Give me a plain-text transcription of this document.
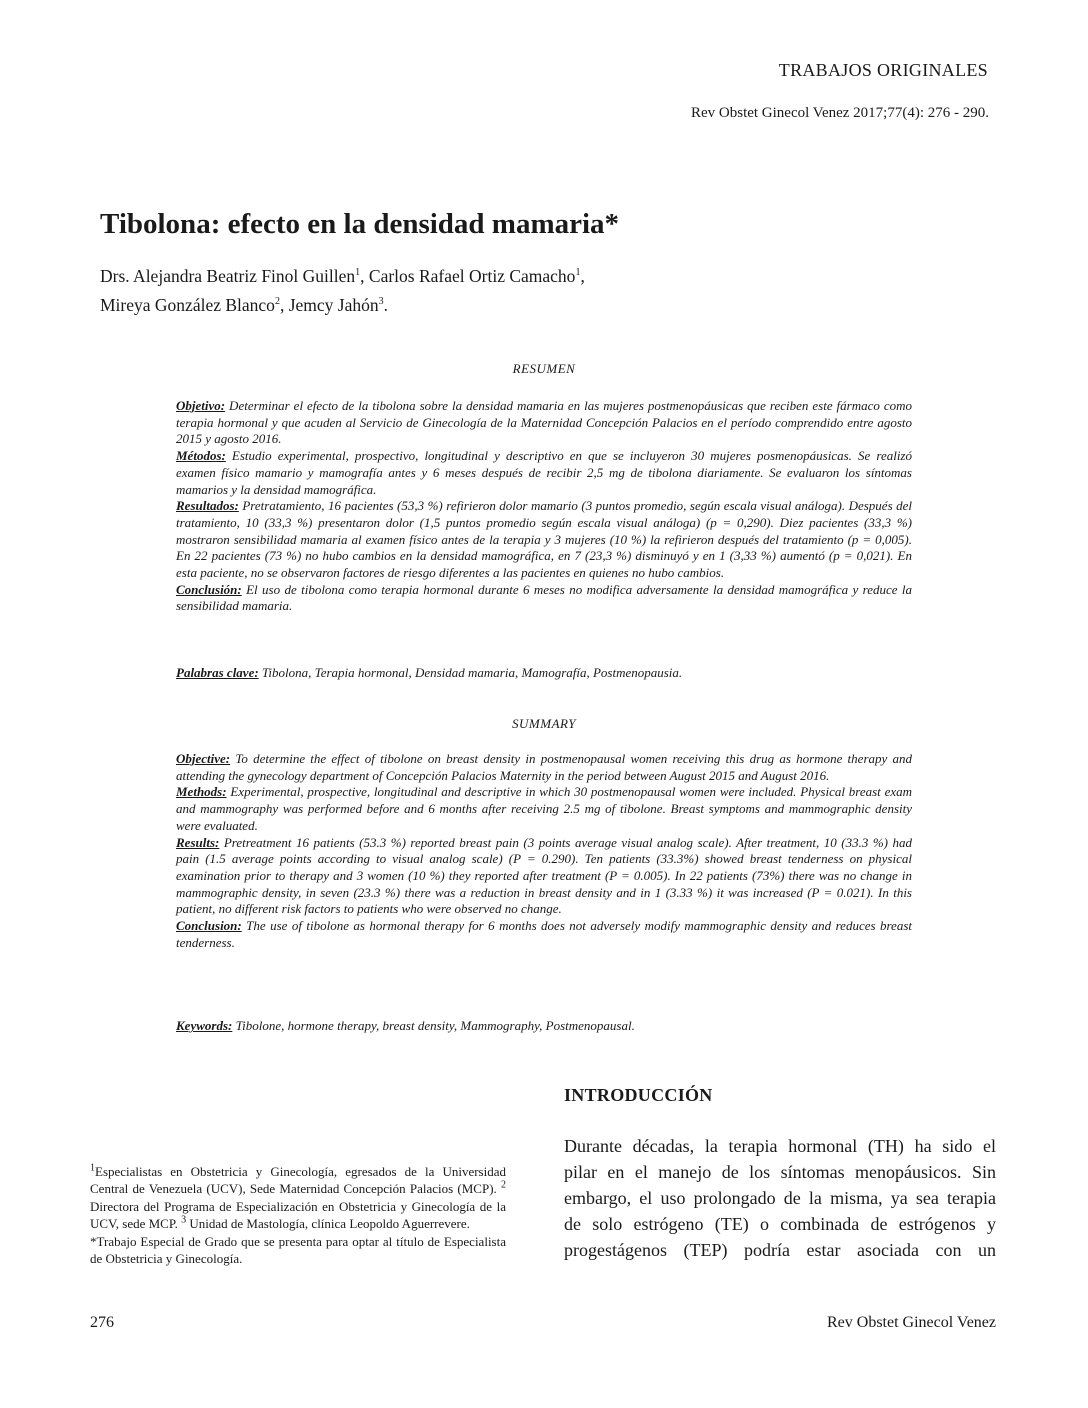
TRABAJOS ORIGINALES
Rev Obstet Ginecol Venez 2017;77(4): 276 - 290.
Tibolona: efecto en la densidad mamaria*
Drs. Alejandra Beatriz Finol Guillen$^1$, Carlos Rafael Ortiz Camacho$^1$,
Mireya González Blanco$^2$, Jemcy Jahón$^3$.
RESUMEN

Objetivo: Determinar el efecto de la tibolona sobre la densidad mamaria en las mujeres postmenopáusicas que reciben este fármaco como terapia hormonal y que acuden al Servicio de Ginecología de la Maternidad Concepción Palacios en el período comprendido entre agosto 2015 y agosto 2016.

Métodos: Estudio experimental, prospectivo, longitudinal y descriptivo en que se incluyeron 30 mujeres posmenopáusicas. Se realizó examen físico mamario y mamografía antes y 6 meses después de recibir 2,5 mg de tibolona diariamente. Se evaluaron los síntomas mamarios y la densidad mamográfica.

Resultados: Pretratamiento, 16 pacientes (53,3 %) refirieron dolor mamario (3 puntos promedio, según escala visual análoga). Después del tratamiento, 10 (33,3 %) presentaron dolor (1,5 puntos promedio según escala visual análoga) (p = 0,290). Diez pacientes (33,3 %) mostraron sensibilidad mamaria al examen físico antes de la terapia y 3 mujeres (10 %) la refirieron después del tratamiento (p = 0,005). En 22 pacientes (73 %) no hubo cambios en la densidad mamográfica, en 7 (23,3 %) disminuyó y en 1 (3,33 %) aumentó (p = 0,021). En esta paciente, no se observaron factores de riesgo diferentes a las pacientes en quienes no hubo cambios.

Conclusión: El uso de tibolona como terapia hormonal durante 6 meses no modifica adversamente la densidad mamográfica y reduce la sensibilidad mamaria.

Palabras clave: Tibolona, Terapia hormonal, Densidad mamaria, Mamografía, Postmenopausia.

SUMMARY

Objective: To determine the effect of tibolone on breast density in postmenopausal women receiving this drug as hormone therapy and attending the gynecology department of Concepción Palacios Maternity in the period between August 2015 and August 2016.

Methods: Experimental, prospective, longitudinal and descriptive in which 30 postmenopausal women were included. Physical breast exam and mammography was performed before and 6 months after receiving 2.5 mg of tibolone. Breast symptoms and mammographic density were evaluated.

Results: Pretreatment 16 patients (53.3 %) reported breast pain (3 points average visual analog scale). After treatment, 10 (33.3 %) had pain (1.5 average points according to visual analog scale) (P = 0.290). Ten patients (33.3%) showed breast tenderness on physical examination prior to therapy and 3 women (10 %) they reported after treatment (P = 0.005). In 22 patients (73%) there was no change in mammographic density, in seven (23.3 %) there was a reduction in breast density and in 1 (3.33 %) it was increased (P = 0.021). In this patient, no different risk factors to patients who were observed no change.

Conclusion: The use of tibolone as hormonal therapy for 6 months does not adversely modify mammographic density and reduces breast tenderness.

Keywords: Tibolone, hormone therapy, breast density, Mammography, Postmenopausal.

INTRODUCCIÓN
Durante décadas, la terapia hormonal (TH) ha sido el
pilar en el manejo de los síntomas menopáusicos. Sin
embargo, el uso prolongado de la misma, ya sea terapia
de solo estrógeno (TE) o combinada de estrógenos y
progestágenos (TEP) podría estar asociada con un

$^1$Especialistas en Obstetricia y Ginecología, egresados de la Universidad Central de Venezuela (UCV), Sede Maternidad Concepción Palacios (MCP). $^2$ Directora del Programa de Especialización en Obstetricia y Ginecología de la UCV, sede MCP. $^3$ Unidad de Mastología, clínica Leopoldo Aguerrevere.

*Trabajo Especial de Grado que se presenta para optar al título de Especialista de Obstetricia y Ginecología.

276	Rev Obstet Ginecol Venez
